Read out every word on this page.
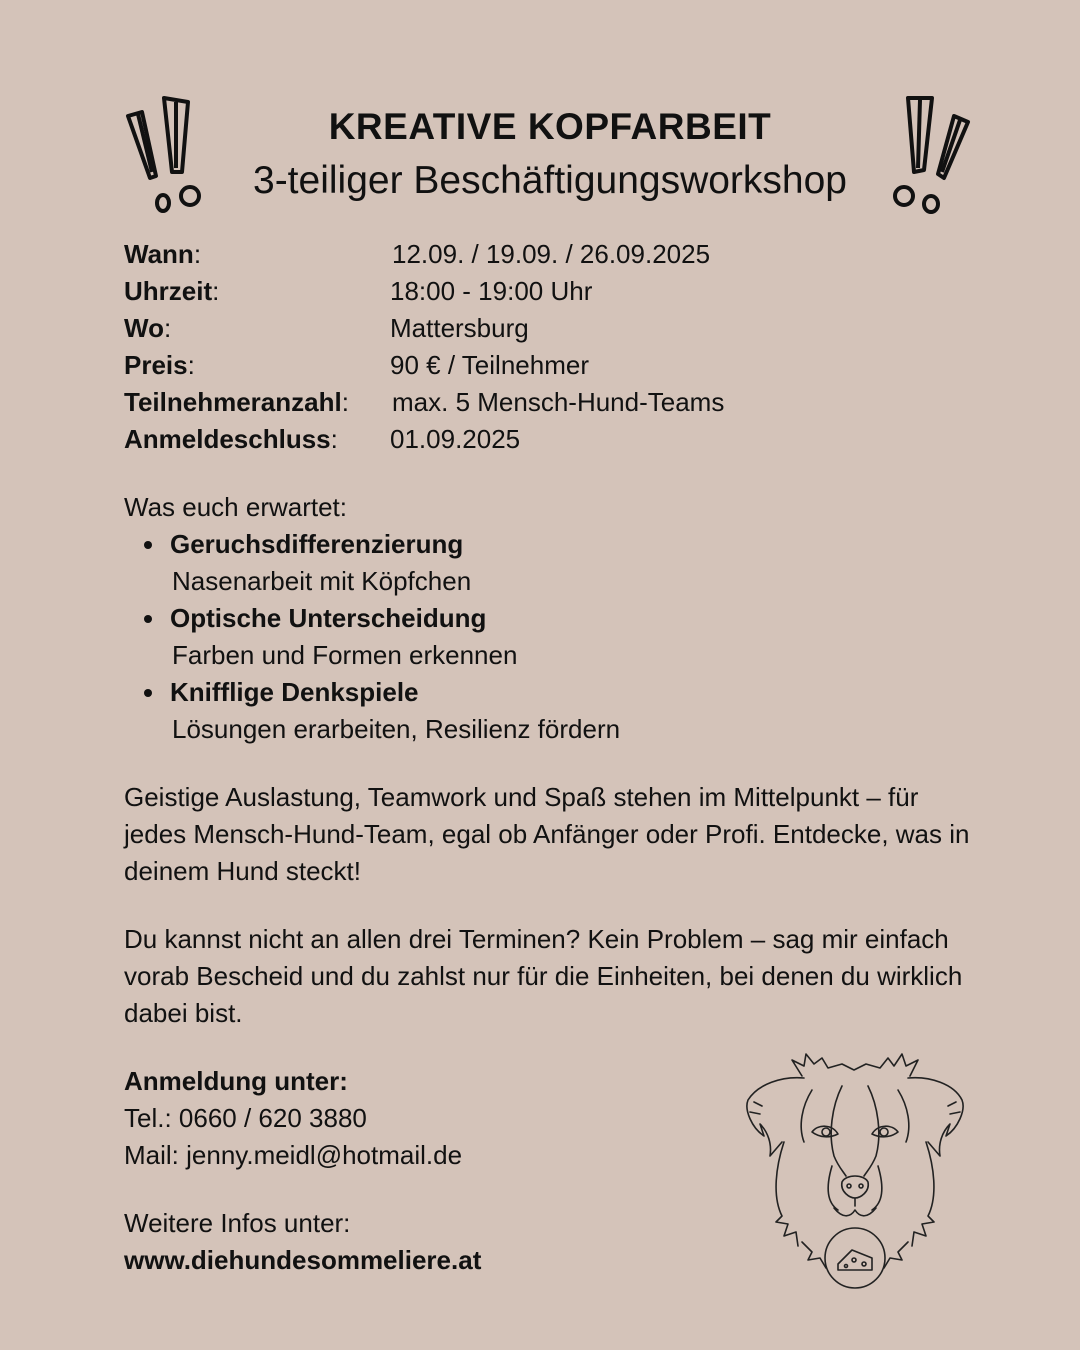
KREATIVE KOPFARBEIT

3-teiliger Beschäftigungsworkshop

Wann:	12.09. / 19.09. / 26.09.2025
Uhrzeit:	18:00 - 19:00 Uhr
Wo:	Mattersburg
Preis:	90 € / Teilnehmer
Teilnehmeranzahl: max. 5 Mensch-Hund-Teams
Anmeldeschluss: 01.09.2025
Was euch erwartet:
Geruchsdifferenzierung
Nasenarbeit mit Köpfchen
Optische Unterscheidung
Farben und Formen erkennen
Knifflige Denkspiele
Lösungen erarbeiten, Resilienz fördern

Geistige Auslastung, Teamwork und Spaß stehen im Mittelpunkt – für jedes Mensch-Hund-Team, egal ob Anfänger oder Profi. Entdecke, was in deinem Hund steckt!

Du kannst nicht an allen drei Terminen? Kein Problem – sag mir einfach vorab Bescheid und du zahlst nur für die Einheiten, bei denen du wirklich dabei bist.

Anmeldung unter:
Tel.: 0660 / 620 3880
Mail: jenny.meidl@hotmail.de
Weitere Infos unter:
www.diehundesommeliere.at
